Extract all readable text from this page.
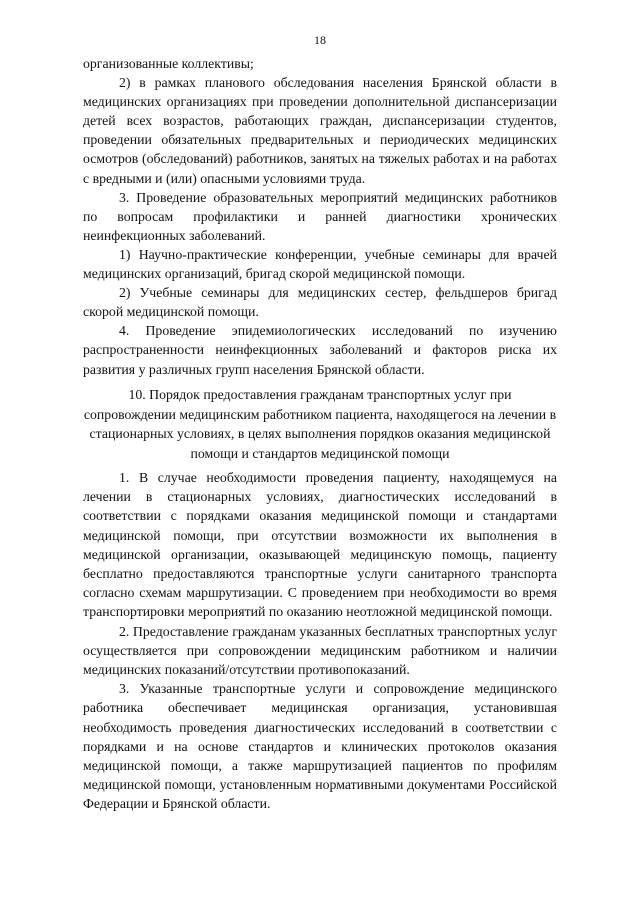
18

организованные коллективы;

2) в рамках планового обследования населения Брянской области в медицинских организациях при проведении дополнительной диспансеризации детей всех возрастов, работающих граждан, диспансеризации студентов, проведении обязательных предварительных и периодических медицинских осмотров (обследований) работников, занятых на тяжелых работах и на работах с вредными и (или) опасными условиями труда.

3. Проведение образовательных мероприятий медицинских работников по вопросам профилактики и ранней диагностики хронических неинфекционных заболеваний.

1) Научно-практические конференции, учебные семинары для врачей медицинских организаций, бригад скорой медицинской помощи.

2) Учебные семинары для медицинских сестер, фельдшеров бригад скорой медицинской помощи.

4. Проведение эпидемиологических исследований по изучению распространенности неинфекционных заболеваний и факторов риска их развития у различных групп населения Брянской области.

10. Порядок предоставления гражданам транспортных услуг при сопровождении медицинским работником пациента, находящегося на лечении в стационарных условиях, в целях выполнения порядков оказания медицинской помощи и стандартов медицинской помощи

1. В случае необходимости проведения пациенту, находящемуся на лечении в стационарных условиях, диагностических исследований в соответствии с порядками оказания медицинской помощи и стандартами медицинской помощи, при отсутствии возможности их выполнения в медицинской организации, оказывающей медицинскую помощь, пациенту бесплатно предоставляются транспортные услуги санитарного транспорта согласно схемам маршрутизации. С проведением при необходимости во время транспортировки мероприятий по оказанию неотложной медицинской помощи.

2. Предоставление гражданам указанных бесплатных транспортных услуг осуществляется при сопровождении медицинским работником и наличии медицинских показаний/отсутствии противопоказаний.

3. Указанные транспортные услуги и сопровождение медицинского работника обеспечивает медицинская организация, установившая необходимость проведения диагностических исследований в соответствии с порядками и на основе стандартов и клинических протоколов оказания медицинской помощи, а также маршрутизацией пациентов по профилям медицинской помощи, установленным нормативными документами Российской Федерации и Брянской области.
